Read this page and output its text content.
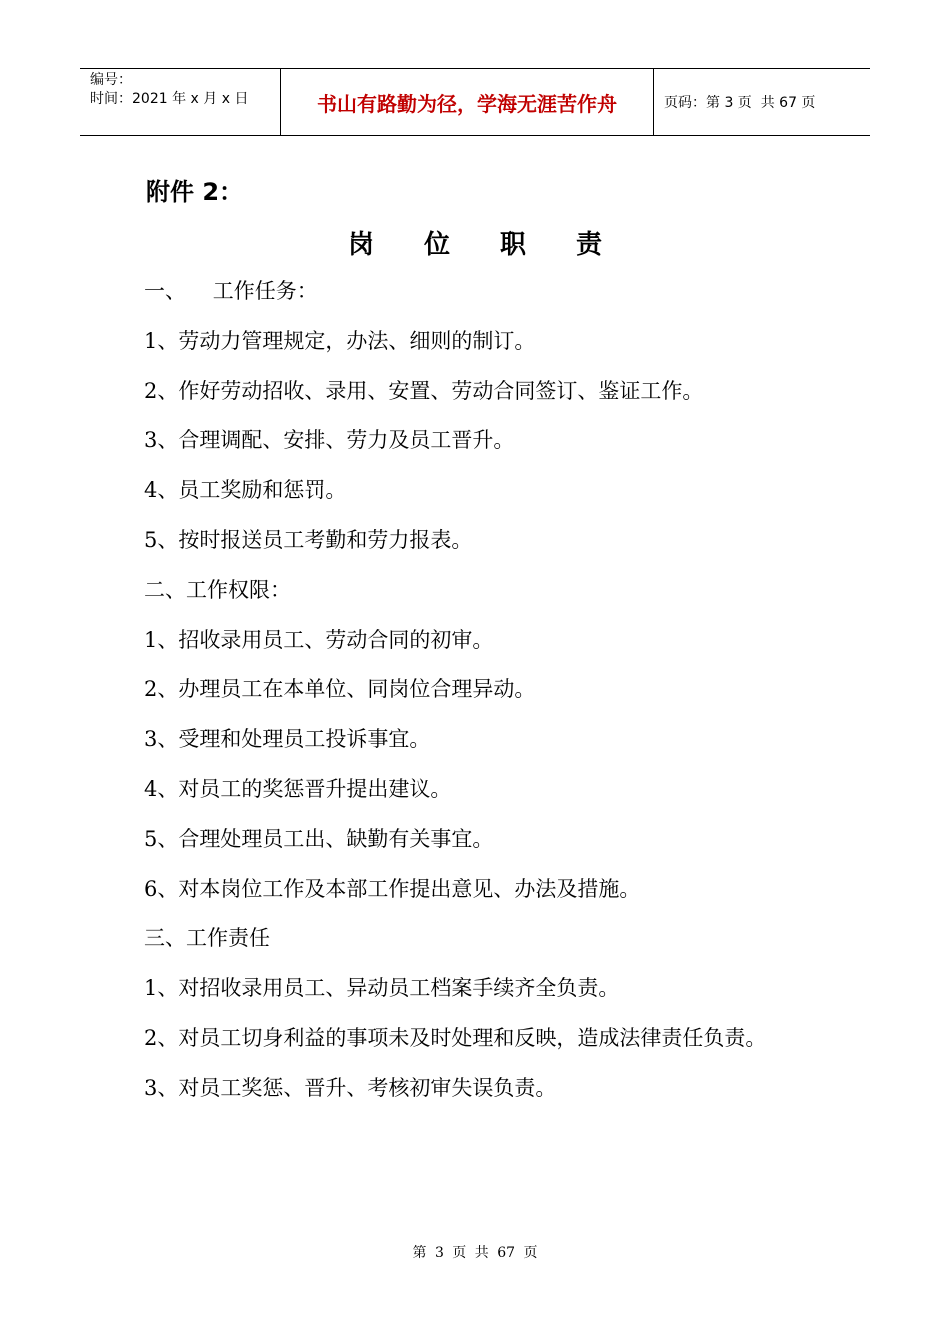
编号：
时间：2021 年 x 月 x 日	书山有路勤为径，学海无涯苦作舟	页码：第 3 页  共 67 页
附件 2：
岗 位 职 责
一、    工作任务：
1、劳动力管理规定，办法、细则的制订。
2、作好劳动招收、录用、安置、劳动合同签订、鉴证工作。
3、合理调配、安排、劳力及员工晋升。
4、员工奖励和惩罚。
5、按时报送员工考勤和劳力报表。
二、工作权限：
1、招收录用员工、劳动合同的初审。
2、办理员工在本单位、同岗位合理异动。
3、受理和处理员工投诉事宜。
4、对员工的奖惩晋升提出建议。
5、合理处理员工出、缺勤有关事宜。
6、对本岗位工作及本部工作提出意见、办法及措施。
三、工作责任
1、对招收录用员工、异动员工档案手续齐全负责。
2、对员工切身利益的事项未及时处理和反映，造成法律责任负责。
3、对员工奖惩、晋升、考核初审失误负责。
第 3 页 共 67 页
